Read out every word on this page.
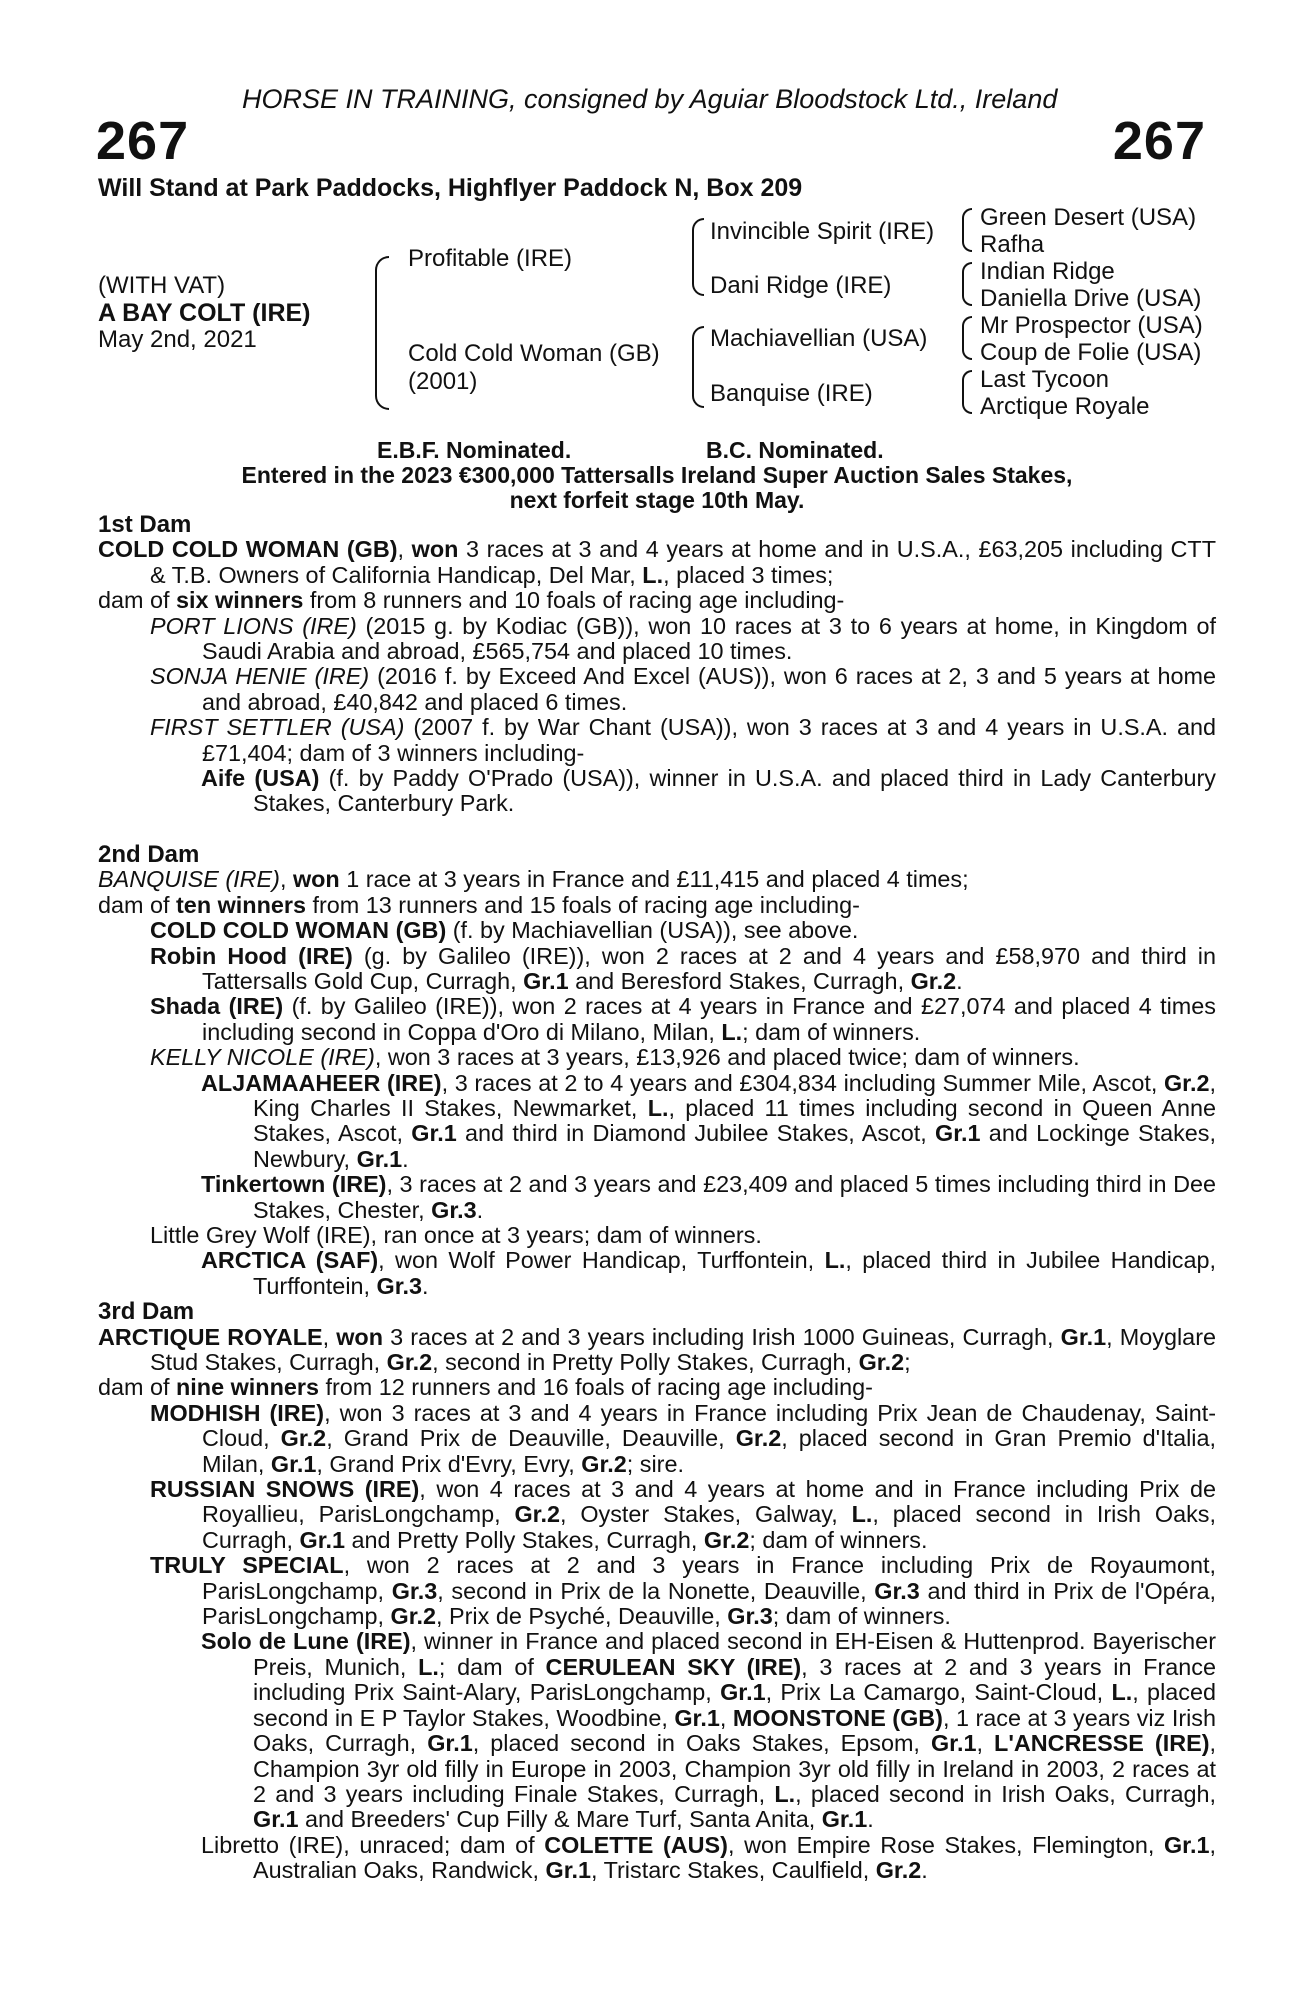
HORSE IN TRAINING, consigned by Aguiar Bloodstock Ltd., Ireland
267	267
Will Stand at Park Paddocks, Highflyer Paddock N, Box 209
(WITH VAT)
A BAY COLT (IRE)
May 2nd, 2021
Profitable (IRE)
Cold Cold Woman (GB)
(2001)
Invincible Spirit (IRE)
Dani Ridge (IRE)
Machiavellian (USA)
Banquise (IRE)
Green Desert (USA)
Rafha
Indian Ridge
Daniella Drive (USA)
Mr Prospector (USA)
Coup de Folie (USA)
Last Tycoon
Arctique Royale
E.B.F. Nominated.	B.C. Nominated.
Entered in the 2023 €300,000 Tattersalls Ireland Super Auction Sales Stakes,
next forfeit stage 10th May.
1st Dam
COLD COLD WOMAN (GB), won 3 races at 3 and 4 years at home and in U.S.A., £63,205 including CTT & T.B. Owners of California Handicap, Del Mar, L., placed 3 times;
dam of six winners from 8 runners and 10 foals of racing age including-
PORT LIONS (IRE) (2015 g. by Kodiac (GB)), won 10 races at 3 to 6 years at home, in Kingdom of Saudi Arabia and abroad, £565,754 and placed 10 times.
SONJA HENIE (IRE) (2016 f. by Exceed And Excel (AUS)), won 6 races at 2, 3 and 5 years at home and abroad, £40,842 and placed 6 times.
FIRST SETTLER (USA) (2007 f. by War Chant (USA)), won 3 races at 3 and 4 years in U.S.A. and £71,404; dam of 3 winners including-
Aife (USA) (f. by Paddy O'Prado (USA)), winner in U.S.A. and placed third in Lady Canterbury Stakes, Canterbury Park.
2nd Dam
BANQUISE (IRE), won 1 race at 3 years in France and £11,415 and placed 4 times;
dam of ten winners from 13 runners and 15 foals of racing age including-
COLD COLD WOMAN (GB) (f. by Machiavellian (USA)), see above.
Robin Hood (IRE) (g. by Galileo (IRE)), won 2 races at 2 and 4 years and £58,970 and third in Tattersalls Gold Cup, Curragh, Gr.1 and Beresford Stakes, Curragh, Gr.2.
Shada (IRE) (f. by Galileo (IRE)), won 2 races at 4 years in France and £27,074 and placed 4 times including second in Coppa d'Oro di Milano, Milan, L.; dam of winners.
KELLY NICOLE (IRE), won 3 races at 3 years, £13,926 and placed twice; dam of winners.
ALJAMAAHEER (IRE), 3 races at 2 to 4 years and £304,834 including Summer Mile, Ascot, Gr.2, King Charles II Stakes, Newmarket, L., placed 11 times including second in Queen Anne Stakes, Ascot, Gr.1 and third in Diamond Jubilee Stakes, Ascot, Gr.1 and Lockinge Stakes, Newbury, Gr.1.
Tinkertown (IRE), 3 races at 2 and 3 years and £23,409 and placed 5 times including third in Dee Stakes, Chester, Gr.3.
Little Grey Wolf (IRE), ran once at 3 years; dam of winners.
ARCTICA (SAF), won Wolf Power Handicap, Turffontein, L., placed third in Jubilee Handicap, Turffontein, Gr.3.
3rd Dam
ARCTIQUE ROYALE, won 3 races at 2 and 3 years including Irish 1000 Guineas, Curragh, Gr.1, Moyglare Stud Stakes, Curragh, Gr.2, second in Pretty Polly Stakes, Curragh, Gr.2;
dam of nine winners from 12 runners and 16 foals of racing age including-
MODHISH (IRE), won 3 races at 3 and 4 years in France including Prix Jean de Chaudenay, Saint-Cloud, Gr.2, Grand Prix de Deauville, Deauville, Gr.2, placed second in Gran Premio d'Italia, Milan, Gr.1, Grand Prix d'Evry, Evry, Gr.2; sire.
RUSSIAN SNOWS (IRE), won 4 races at 3 and 4 years at home and in France including Prix de Royallieu, ParisLongchamp, Gr.2, Oyster Stakes, Galway, L., placed second in Irish Oaks, Curragh, Gr.1 and Pretty Polly Stakes, Curragh, Gr.2; dam of winners.
TRULY SPECIAL, won 2 races at 2 and 3 years in France including Prix de Royaumont, ParisLongchamp, Gr.3, second in Prix de la Nonette, Deauville, Gr.3 and third in Prix de l'Opéra, ParisLongchamp, Gr.2, Prix de Psyché, Deauville, Gr.3; dam of winners.
Solo de Lune (IRE), winner in France and placed second in EH-Eisen & Huttenprod. Bayerischer Preis, Munich, L.; dam of CERULEAN SKY (IRE), 3 races at 2 and 3 years in France including Prix Saint-Alary, ParisLongchamp, Gr.1, Prix La Camargo, Saint-Cloud, L., placed second in E P Taylor Stakes, Woodbine, Gr.1, MOONSTONE (GB), 1 race at 3 years viz Irish Oaks, Curragh, Gr.1, placed second in Oaks Stakes, Epsom, Gr.1, L'ANCRESSE (IRE), Champion 3yr old filly in Europe in 2003, Champion 3yr old filly in Ireland in 2003, 2 races at 2 and 3 years including Finale Stakes, Curragh, L., placed second in Irish Oaks, Curragh, Gr.1 and Breeders' Cup Filly & Mare Turf, Santa Anita, Gr.1.
Libretto (IRE), unraced; dam of COLETTE (AUS), won Empire Rose Stakes, Flemington, Gr.1, Australian Oaks, Randwick, Gr.1, Tristarc Stakes, Caulfield, Gr.2.
